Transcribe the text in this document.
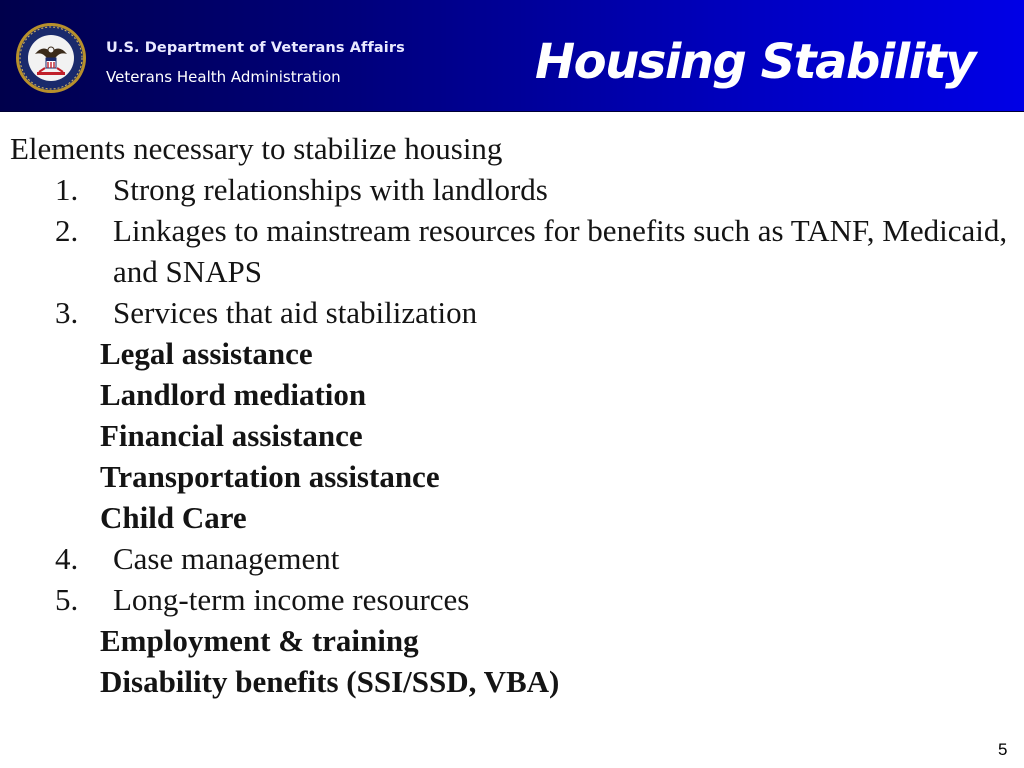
U.S. Department of Veterans Affairs
Veterans Health Administration	Housing Stability
Elements necessary to stabilize housing
1. Strong relationships with landlords
2. Linkages to mainstream resources for benefits such as TANF, Medicaid, and SNAPS
3. Services that aid stabilization
Legal assistance
Landlord mediation
Financial assistance
Transportation assistance
Child Care
4. Case management
5. Long-term income resources
Employment & training
Disability benefits (SSI/SSD, VBA)
5
